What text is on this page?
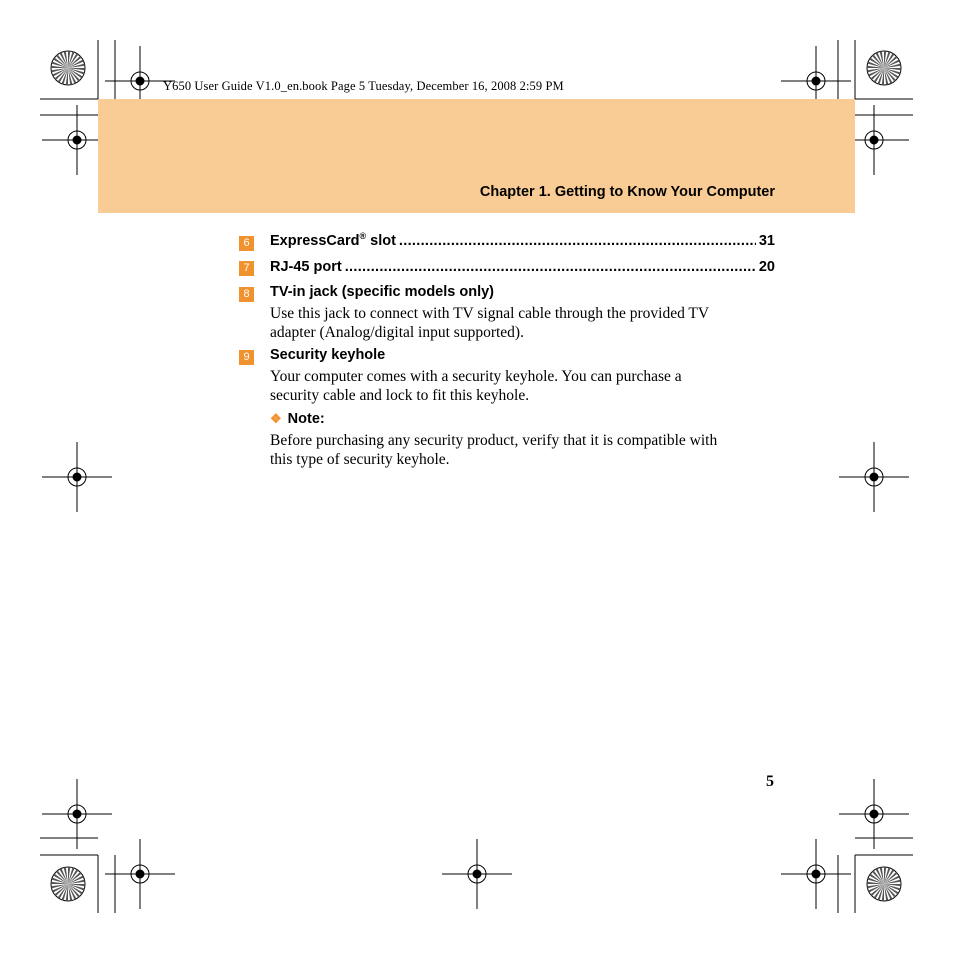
Y650 User Guide V1.0_en.book Page 5 Tuesday, December 16, 2008 2:59 PM
Chapter 1. Getting to Know Your Computer
6	ExpressCard® slot .....	31
7	RJ-45 port .....	20
8	TV-in jack (specific models only)
Use this jack to connect with TV signal cable through the provided TV
adapter (Analog/digital input supported).
9	Security keyhole
Your computer comes with a security keyhole. You can purchase a
security cable and lock to fit this keyhole.
❖ Note:
Before purchasing any security product, verify that it is compatible with
this type of security keyhole.
5
